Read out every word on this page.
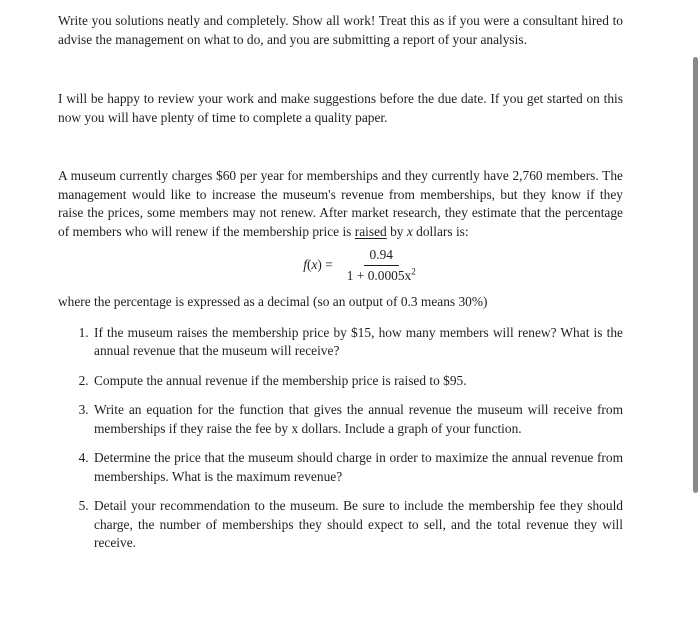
Write you solutions neatly and completely. Show all work! Treat this as if you were a consultant hired to advise the management on what to do, and you are submitting a report of your analysis.

I will be happy to review your work and make suggestions before the due date. If you get started on this now you will have plenty of time to complete a quality paper.

A museum currently charges $60 per year for memberships and they currently have 2,760 members. The management would like to increase the museum's revenue from memberships, but they know if they raise the prices, some members may not renew. After market research, they estimate that the percentage of members who will renew if the membership price is raised by x dollars is:

$f(x) = \frac{0.94}{1 + 0.0005x^2}$

where the percentage is expressed as a decimal (so an output of 0.3 means 30%)

1. If the museum raises the membership price by $15, how many members will renew? What is the annual revenue that the museum will receive?
2. Compute the annual revenue if the membership price is raised to $95.
3. Write an equation for the function that gives the annual revenue the museum will receive from memberships if they raise the fee by x dollars. Include a graph of your function.
4. Determine the price that the museum should charge in order to maximize the annual revenue from memberships. What is the maximum revenue?
5. Detail your recommendation to the museum. Be sure to include the membership fee they should charge, the number of memberships they should expect to sell, and the total revenue they will receive.
